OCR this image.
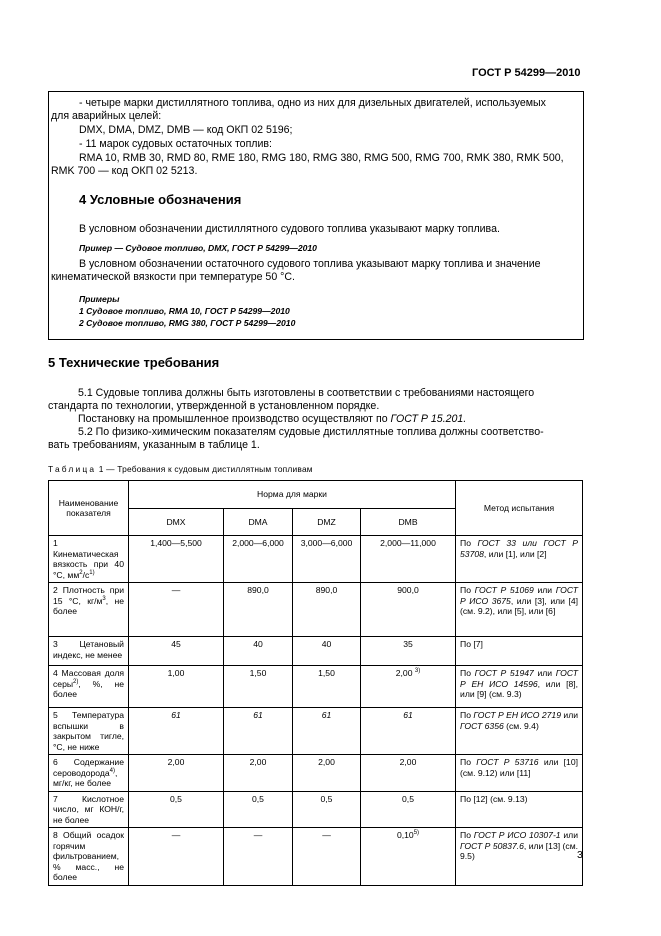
ГОСТ Р 54299—2010
- четыре марки дистиллятного топлива, одно из них для дизельных двигателей, используемых
для аварийных целей:
DMX, DMA, DMZ, DMB — код ОКП 02 5196;
- 11 марок судовых остаточных топлив:
RMA 10, RMB 30, RMD 80, RME 180, RMG 180, RMG 380, RMG 500, RMG 700, RMK 380, RMK 500,
RMK 700 — код ОКП 02 5213.
4 Условные обозначения
В условном обозначении дистиллятного судового топлива указывают марку топлива.
Пример — Судовое топливо, DMX, ГОСТ Р 54299—2010
В условном обозначении остаточного судового топлива указывают марку топлива и значение
кинематической вязкости при температуре 50 °С.
Примеры
1 Судовое топливо, RMA 10, ГОСТ Р 54299—2010
2 Судовое топливо, RMG 380, ГОСТ Р 54299—2010
5 Технические требования
5.1 Судовые топлива должны быть изготовлены в соответствии с требованиями настоящего
стандарта по технологии, утвержденной в установленном порядке.
Постановку на промышленное производство осуществляют по ГОСТ Р 15.201.
5.2 По физико-химическим показателям судовые дистиллятные топлива должны соответство-
вать требованиям, указанным в таблице 1.
Таблица 1 — Требования к судовым дистиллятным топливам
Наименование показателя	Норма для марки				Метод испытания
	DMX	DMA	DMZ	DMB	
1 Кинематическая вязкость при 40 °С, $мм^2/с^{1)}$	1,400—5,500	2,000—6,000	3,000—6,000	2,000—11,000	По ГОСТ 33 или ГОСТ Р 53708, или [1], или [2]
2 Плотность при 15 °С, $кг/м^3$, не более	—	890,0	890,0	900,0	По ГОСТ Р 51069 или ГОСТ Р ИСО 3675, или [3], или [4] (см. 9.2), или [5], или [6]
3 Цетановый индекс, не менее	45	40	40	35	По [7]
4 Массовая доля серы$^{2)}$, %, не более	1,00	1,50	1,50	2,00 $^{3)}$	По ГОСТ Р 51947 или ГОСТ Р ЕН ИСО 14596, или [8], или [9] (см. 9.3)
5 Температура вспышки в закрытом тигле, °С, не ниже	61	61	61	61	По ГОСТ Р ЕН ИСО 2719 или ГОСТ 6356 (см. 9.4)
6 Содержание сероводорода$^{4)}$, мг/кг, не более	2,00	2,00	2,00	2,00	По ГОСТ Р 53716 или [10] (см. 9.12) или [11]
7 Кислотное число, мг КОН/г, не более	0,5	0,5	0,5	0,5	По [12] (см. 9.13)
8 Общий осадок горячим фильтрованием, % масс., не более	—	—	—	0,10$^{5)}$	По ГОСТ Р ИСО 10307-1 или ГОСТ Р 50837.6, или [13] (см. 9.5)	3
